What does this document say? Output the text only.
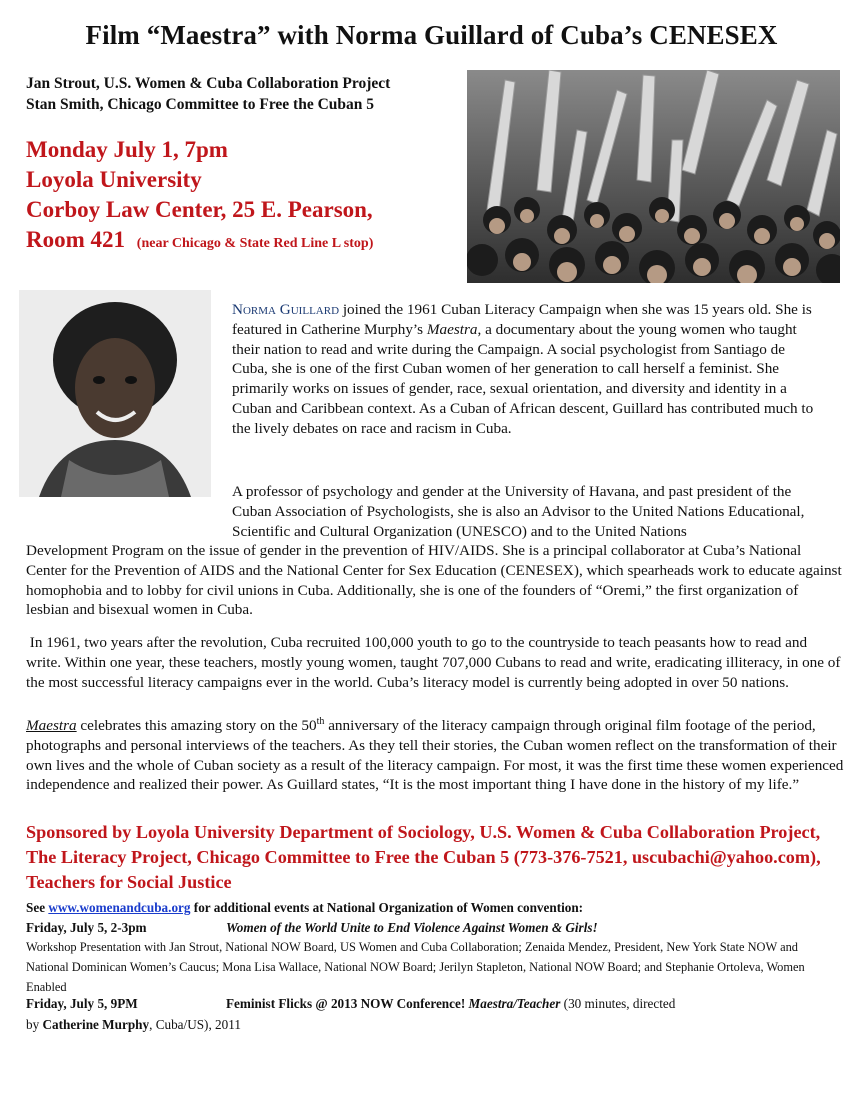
Film “Maestra” with Norma Guillard of Cuba’s CENESEX
Jan Strout, U.S. Women & Cuba Collaboration Project
Stan Smith, Chicago Committee to Free the Cuban 5
Monday July 1, 7pm
Loyola University
Corboy Law Center, 25 E. Pearson,
Room 421 (near Chicago & State Red Line L stop)
Norma Guillard joined the 1961 Cuban Literacy Campaign when she was 15 years old. She is featured in Catherine Murphy’s Maestra, a documentary about the young women who taught their nation to read and write during the Campaign. A social psychologist from Santiago de Cuba, she is one of the first Cuban women of her generation to call herself a feminist. She primarily works on issues of gender, race, sexual orientation, and diversity and identity in a Cuban and Caribbean context. As a Cuban of African descent, Guillard has contributed much to the lively debates on race and racism in Cuba.
A professor of psychology and gender at the University of Havana, and past president of the Cuban Association of Psychologists, she is also an Advisor to the United Nations Educational, Scientific and Cultural Organization (UNESCO) and to the United Nations
Development Program on the issue of gender in the prevention of HIV/AIDS. She is a principal collaborator at Cuba’s National Center for the Prevention of AIDS and the National Center for Sex Education (CENESEX), which spearheads work to educate against homophobia and to lobby for civil unions in Cuba. Additionally, she is one of the founders of “Oremi,” the first organization of lesbian and bisexual women in Cuba.
In 1961, two years after the revolution, Cuba recruited 100,000 youth to go to the countryside to teach peasants how to read and write. Within one year, these teachers, mostly young women, taught 707,000 Cubans to read and write, eradicating illiteracy, in one of the most successful literacy campaigns ever in the world. Cuba’s literacy model is currently being adopted in over 50 nations.
Maestra celebrates this amazing story on the 50th anniversary of the literacy campaign through original film footage of the period, photographs and personal interviews of the teachers. As they tell their stories, the Cuban women reflect on the transformation of their own lives and the whole of Cuban society as a result of the literacy campaign. For most, it was the first time these women experienced independence and realized their power. As Guillard states, “It is the most important thing I have done in the history of my life.”
Sponsored by Loyola University Department of Sociology, U.S. Women & Cuba Collaboration Project, The Literacy Project, Chicago Committee to Free the Cuban 5 (773-376-7521, uscubachi@yahoo.com), Teachers for Social Justice
See www.womenandcuba.org for additional events at National Organization of Women convention:
Friday, July 5, 2-3pm	Women of the World Unite to End Violence Against Women & Girls!
Workshop Presentation with Jan Strout, National NOW Board, US Women and Cuba Collaboration; Zenaida Mendez, President, New York State NOW and National Dominican Women’s Caucus; Mona Lisa Wallace, National NOW Board; Jerilyn Stapleton, National NOW Board; and Stephanie Ortoleva, Women Enabled
Friday, July 5, 9PM	Feminist Flicks @ 2013 NOW Conference! Maestra/Teacher (30 minutes, directed
by Catherine Murphy, Cuba/US), 2011
